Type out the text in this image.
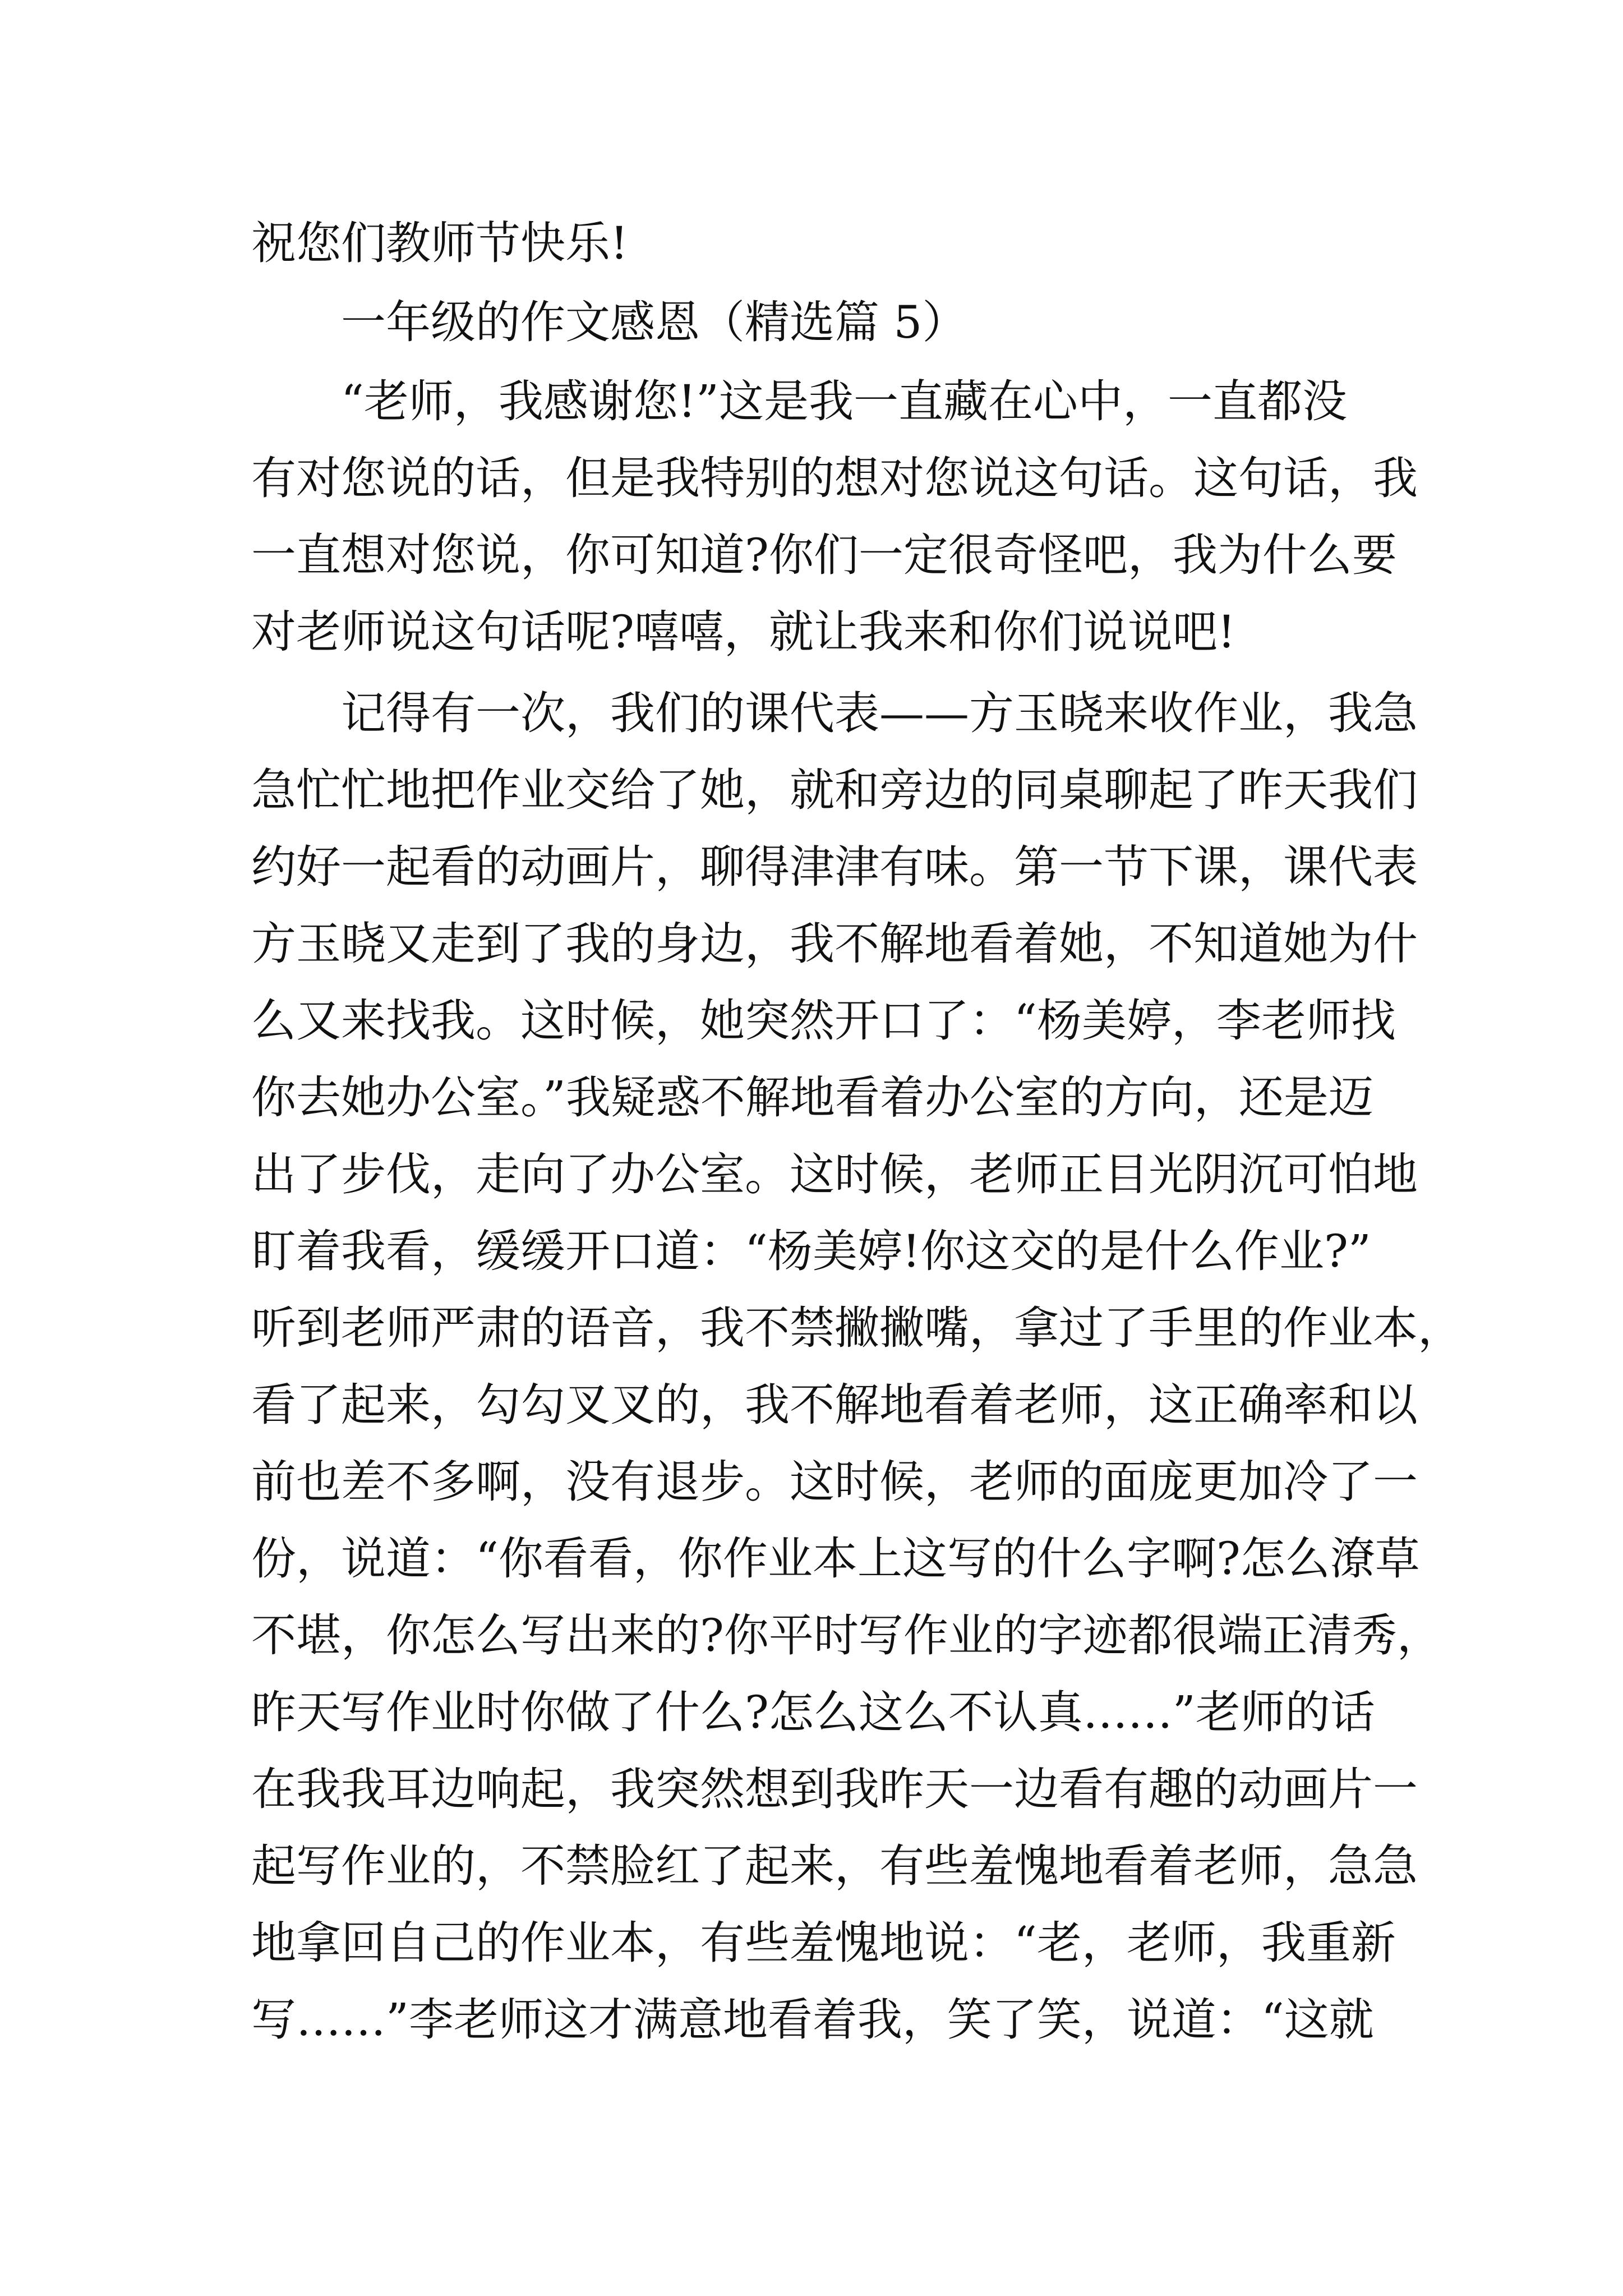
祝您们教师节快乐!
一年级的作文感恩（精选篇 5）
“老师，我感谢您!”这是我一直藏在心中，一直都没
有对您说的话，但是我特别的想对您说这句话。这句话，我
一直想对您说，你可知道?你们一定很奇怪吧，我为什么要
对老师说这句话呢?嘻嘻，就让我来和你们说说吧!
记得有一次，我们的课代表——方玉晓来收作业，我急
急忙忙地把作业交给了她，就和旁边的同桌聊起了昨天我们
约好一起看的动画片，聊得津津有味。第一节下课，课代表
方玉晓又走到了我的身边，我不解地看着她，不知道她为什
么又来找我。这时候，她突然开口了：“杨美婷，李老师找
你去她办公室。”我疑惑不解地看着办公室的方向，还是迈
出了步伐，走向了办公室。这时候，老师正目光阴沉可怕地
盯着我看，缓缓开口道：“杨美婷!你这交的是什么作业?”
听到老师严肃的语音，我不禁撇撇嘴，拿过了手里的作业本，
看了起来，勾勾叉叉的，我不解地看着老师，这正确率和以
前也差不多啊，没有退步。这时候，老师的面庞更加冷了一
份，说道：“你看看，你作业本上这写的什么字啊?怎么潦草
不堪，你怎么写出来的?你平时写作业的字迹都很端正清秀，
昨天写作业时你做了什么?怎么这么不认真……”老师的话
在我我耳边响起，我突然想到我昨天一边看有趣的动画片一
起写作业的，不禁脸红了起来，有些羞愧地看着老师，急急
地拿回自己的作业本，有些羞愧地说：“老，老师，我重新
写……”李老师这才满意地看着我，笑了笑，说道：“这就
